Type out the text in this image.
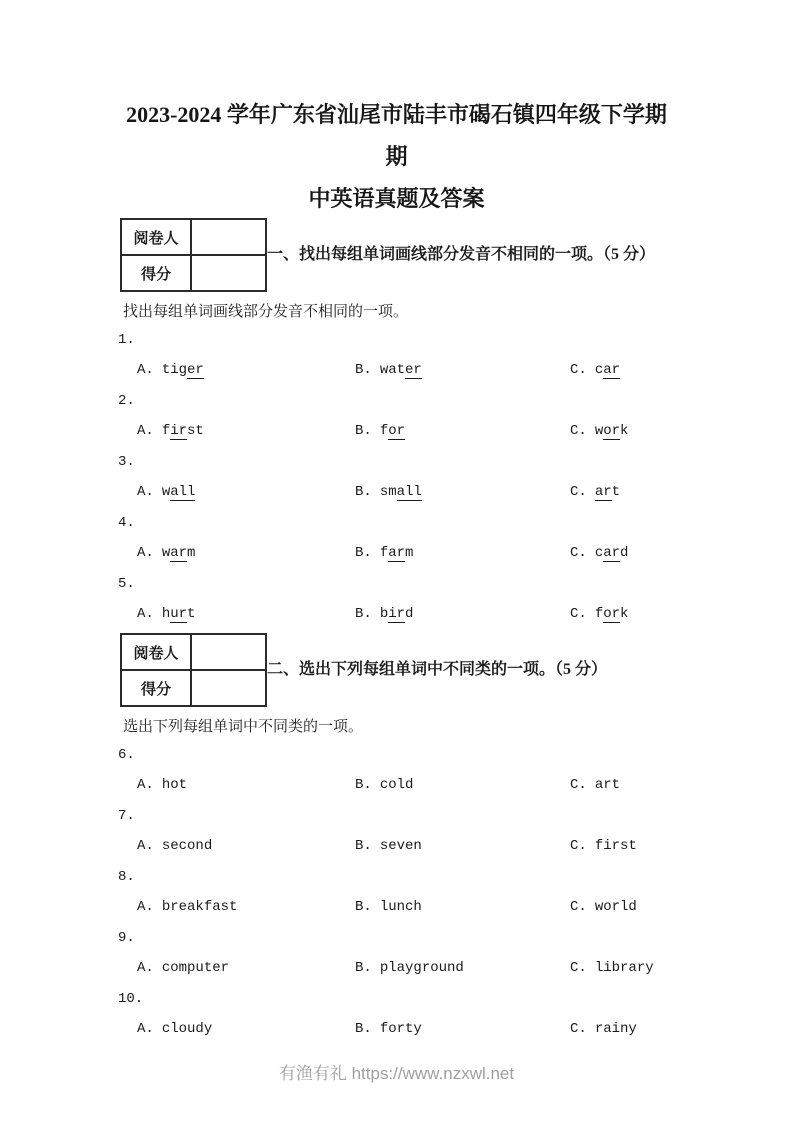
2023-2024 学年广东省汕尾市陆丰市碣石镇四年级下学期期
中英语真题及答案
阅卷人	
得分	
一、找出每组单词画线部分发音不相同的一项。（5 分）

找出每组单词画线部分发音不相同的一项。

1.
A. tiger	B. water	C. car
2.
A. first	B. for	C. work
3.
A. wall	B. small	C. art
4.
A. warm	B. farm	C. card
5.
A. hurt	B. bird	C. fork
阅卷人	
得分	
二、选出下列每组单词中不同类的一项。（5 分）

选出下列每组单词中不同类的一项。

6.
A. hot	B. cold	C. art
7.
A. second	B. seven	C. first
8.
A. breakfast	B. lunch	C. world
9.
A. computer	B. playground	C. library
10.
A. cloudy	B. forty	C. rainy
有渔有礼 https://www.nzxwl.net
